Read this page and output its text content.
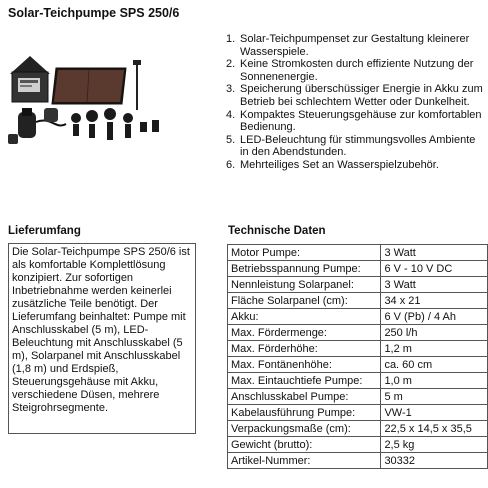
Solar-Teichpumpe SPS 250/6
1. Solar-Teichpumpenset zur Gestaltung kleinerer Wasserspiele.
2. Keine Stromkosten durch effiziente Nutzung der Sonnenenergie.
3. Speicherung überschüssiger Energie in Akku zum Betrieb bei schlechtem Wetter oder Dunkelheit.
4. Kompaktes Steuerungsgehäuse zur komfortablen Bedienung.
5. LED-Beleuchtung für stimmungsvolles Ambiente in den Abendstunden.
6. Mehrteiliges Set an Wasserspielzubehör.
Lieferumfang	Technische Daten
Die Solar-Teichpumpe SPS 250/6 ist als komfortable Komplettlösung konzipiert. Zur sofortigen Inbetriebnahme werden keinerlei zusätzliche Teile benötigt. Der Lieferumfang beinhaltet: Pumpe mit Anschlusskabel (5 m), LED-Beleuchtung mit Anschlusskabel (5 m), Solarpanel mit Anschlusskabel (1,8 m) und Erdspieß, Steuerungsgehäuse mit Akku, verschiedene Düsen, mehrere Steigrohrsegmente.
Motor Pumpe:	3 Watt
Betriebsspannung Pumpe:	6 V - 10 V DC
Nennleistung Solarpanel:	3 Watt
Fläche Solarpanel (cm):	34 x 21
Akku:	6 V (Pb) / 4 Ah
Max. Fördermenge:	250 l/h
Max. Förderhöhe:	1,2 m
Max. Fontänenhöhe:	ca. 60 cm
Max. Eintauchtiefe Pumpe:	1,0 m
Anschlusskabel Pumpe:	5 m
Kabelausführung Pumpe:	VW-1
Verpackungsmaße (cm):	22,5 x 14,5 x 35,5
Gewicht (brutto):	2,5 kg
Artikel-Nummer:	30332
